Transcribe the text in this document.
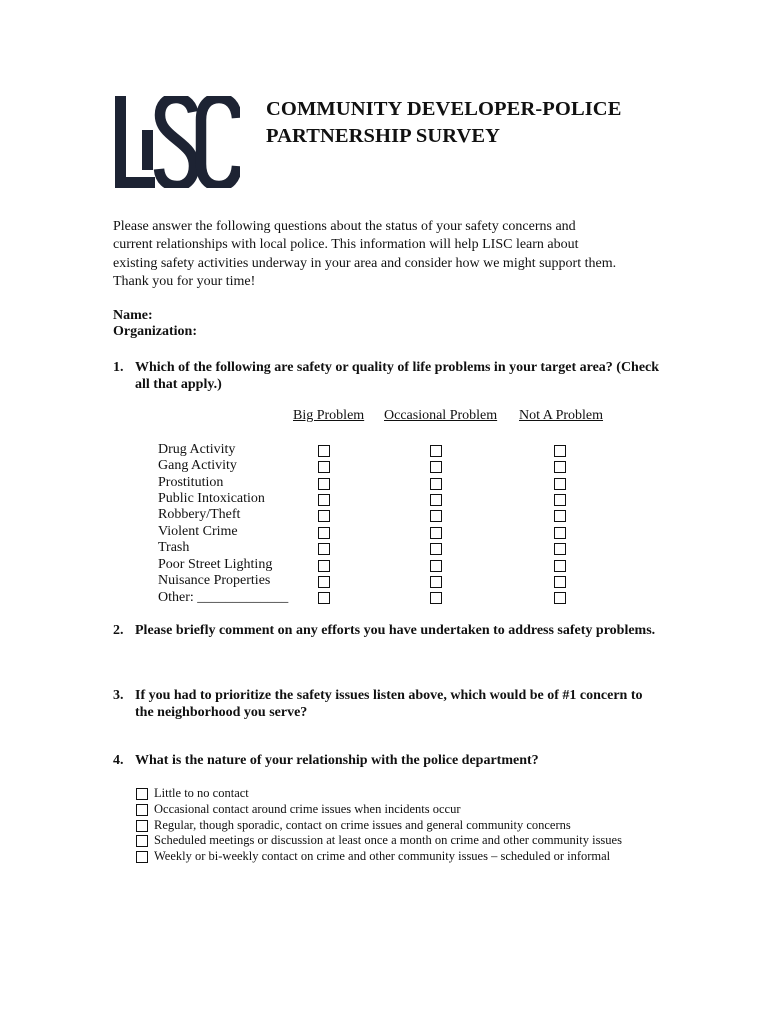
COMMUNITY DEVELOPER-POLICE
PARTNERSHIP SURVEY
Please answer the following questions about the status of your safety concerns and
current relationships with local police. This information will help LISC learn about
existing safety activities underway in your area and consider how we might support them.
Thank you for your time!
Name:
Organization:
1. Which of the following are safety or quality of life problems in your target area? (Check
all that apply.)
Big Problem Occasional Problem Not A Problem
Drug Activity
Gang Activity
Prostitution
Public Intoxication
Robbery/Theft
Violent Crime
Trash
Poor Street Lighting
Nuisance Properties
Other: _____________
2. Please briefly comment on any efforts you have undertaken to address safety problems.
3. If you had to prioritize the safety issues listen above, which would be of #1 concern to
the neighborhood you serve?
4. What is the nature of your relationship with the police department?
Little to no contact
Occasional contact around crime issues when incidents occur
Regular, though sporadic, contact on crime issues and general community concerns
Scheduled meetings or discussion at least once a month on crime and other community issues
Weekly or bi-weekly contact on crime and other community issues – scheduled or informal
